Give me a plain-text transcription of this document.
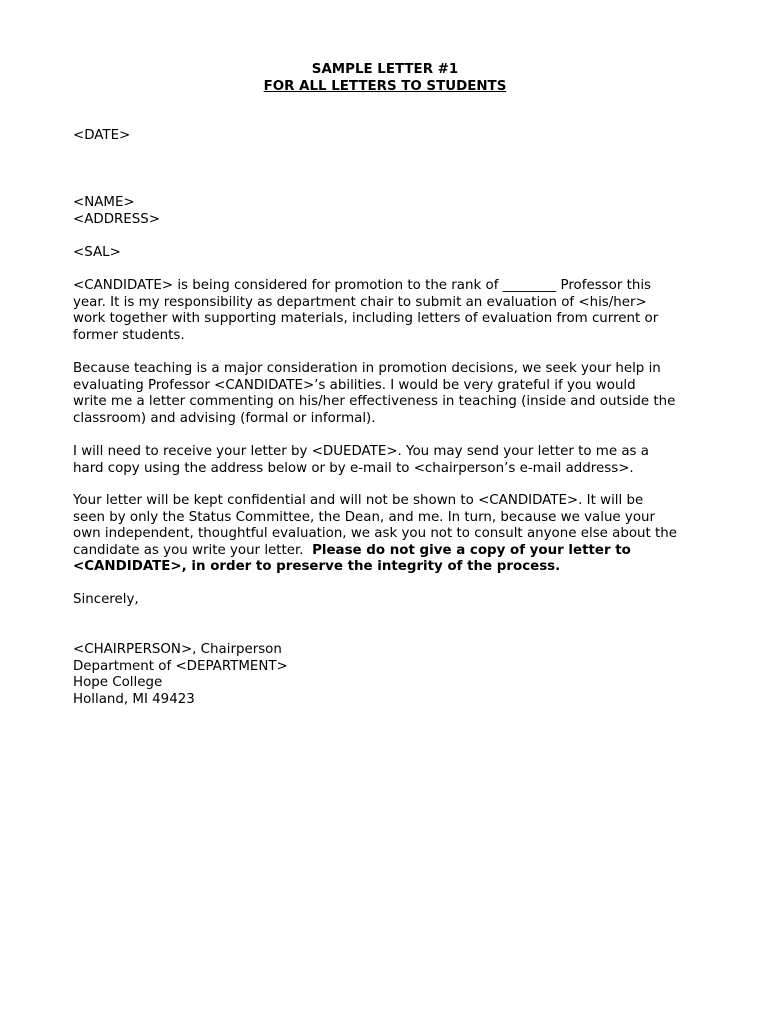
SAMPLE LETTER #1
FOR ALL LETTERS TO STUDENTS
<DATE>
<NAME>
<ADDRESS>
<SAL>
<CANDIDATE> is being considered for promotion to the rank of ________ Professor this
year. It is my responsibility as department chair to submit an evaluation of <his/her>
work together with supporting materials, including letters of evaluation from current or
former students.
Because teaching is a major consideration in promotion decisions, we seek your help in
evaluating Professor <CANDIDATE>’s abilities. I would be very grateful if you would
write me a letter commenting on his/her effectiveness in teaching (inside and outside the
classroom) and advising (formal or informal).
I will need to receive your letter by <DUEDATE>. You may send your letter to me as a
hard copy using the address below or by e-mail to <chairperson’s e-mail address>.
Your letter will be kept confidential and will not be shown to <CANDIDATE>. It will be
seen by only the Status Committee, the Dean, and me. In turn, because we value your
own independent, thoughtful evaluation, we ask you not to consult anyone else about the
candidate as you write your letter.  Please do not give a copy of your letter to
<CANDIDATE>, in order to preserve the integrity of the process.
Sincerely,
<CHAIRPERSON>, Chairperson
Department of <DEPARTMENT>
Hope College
Holland, MI 49423
